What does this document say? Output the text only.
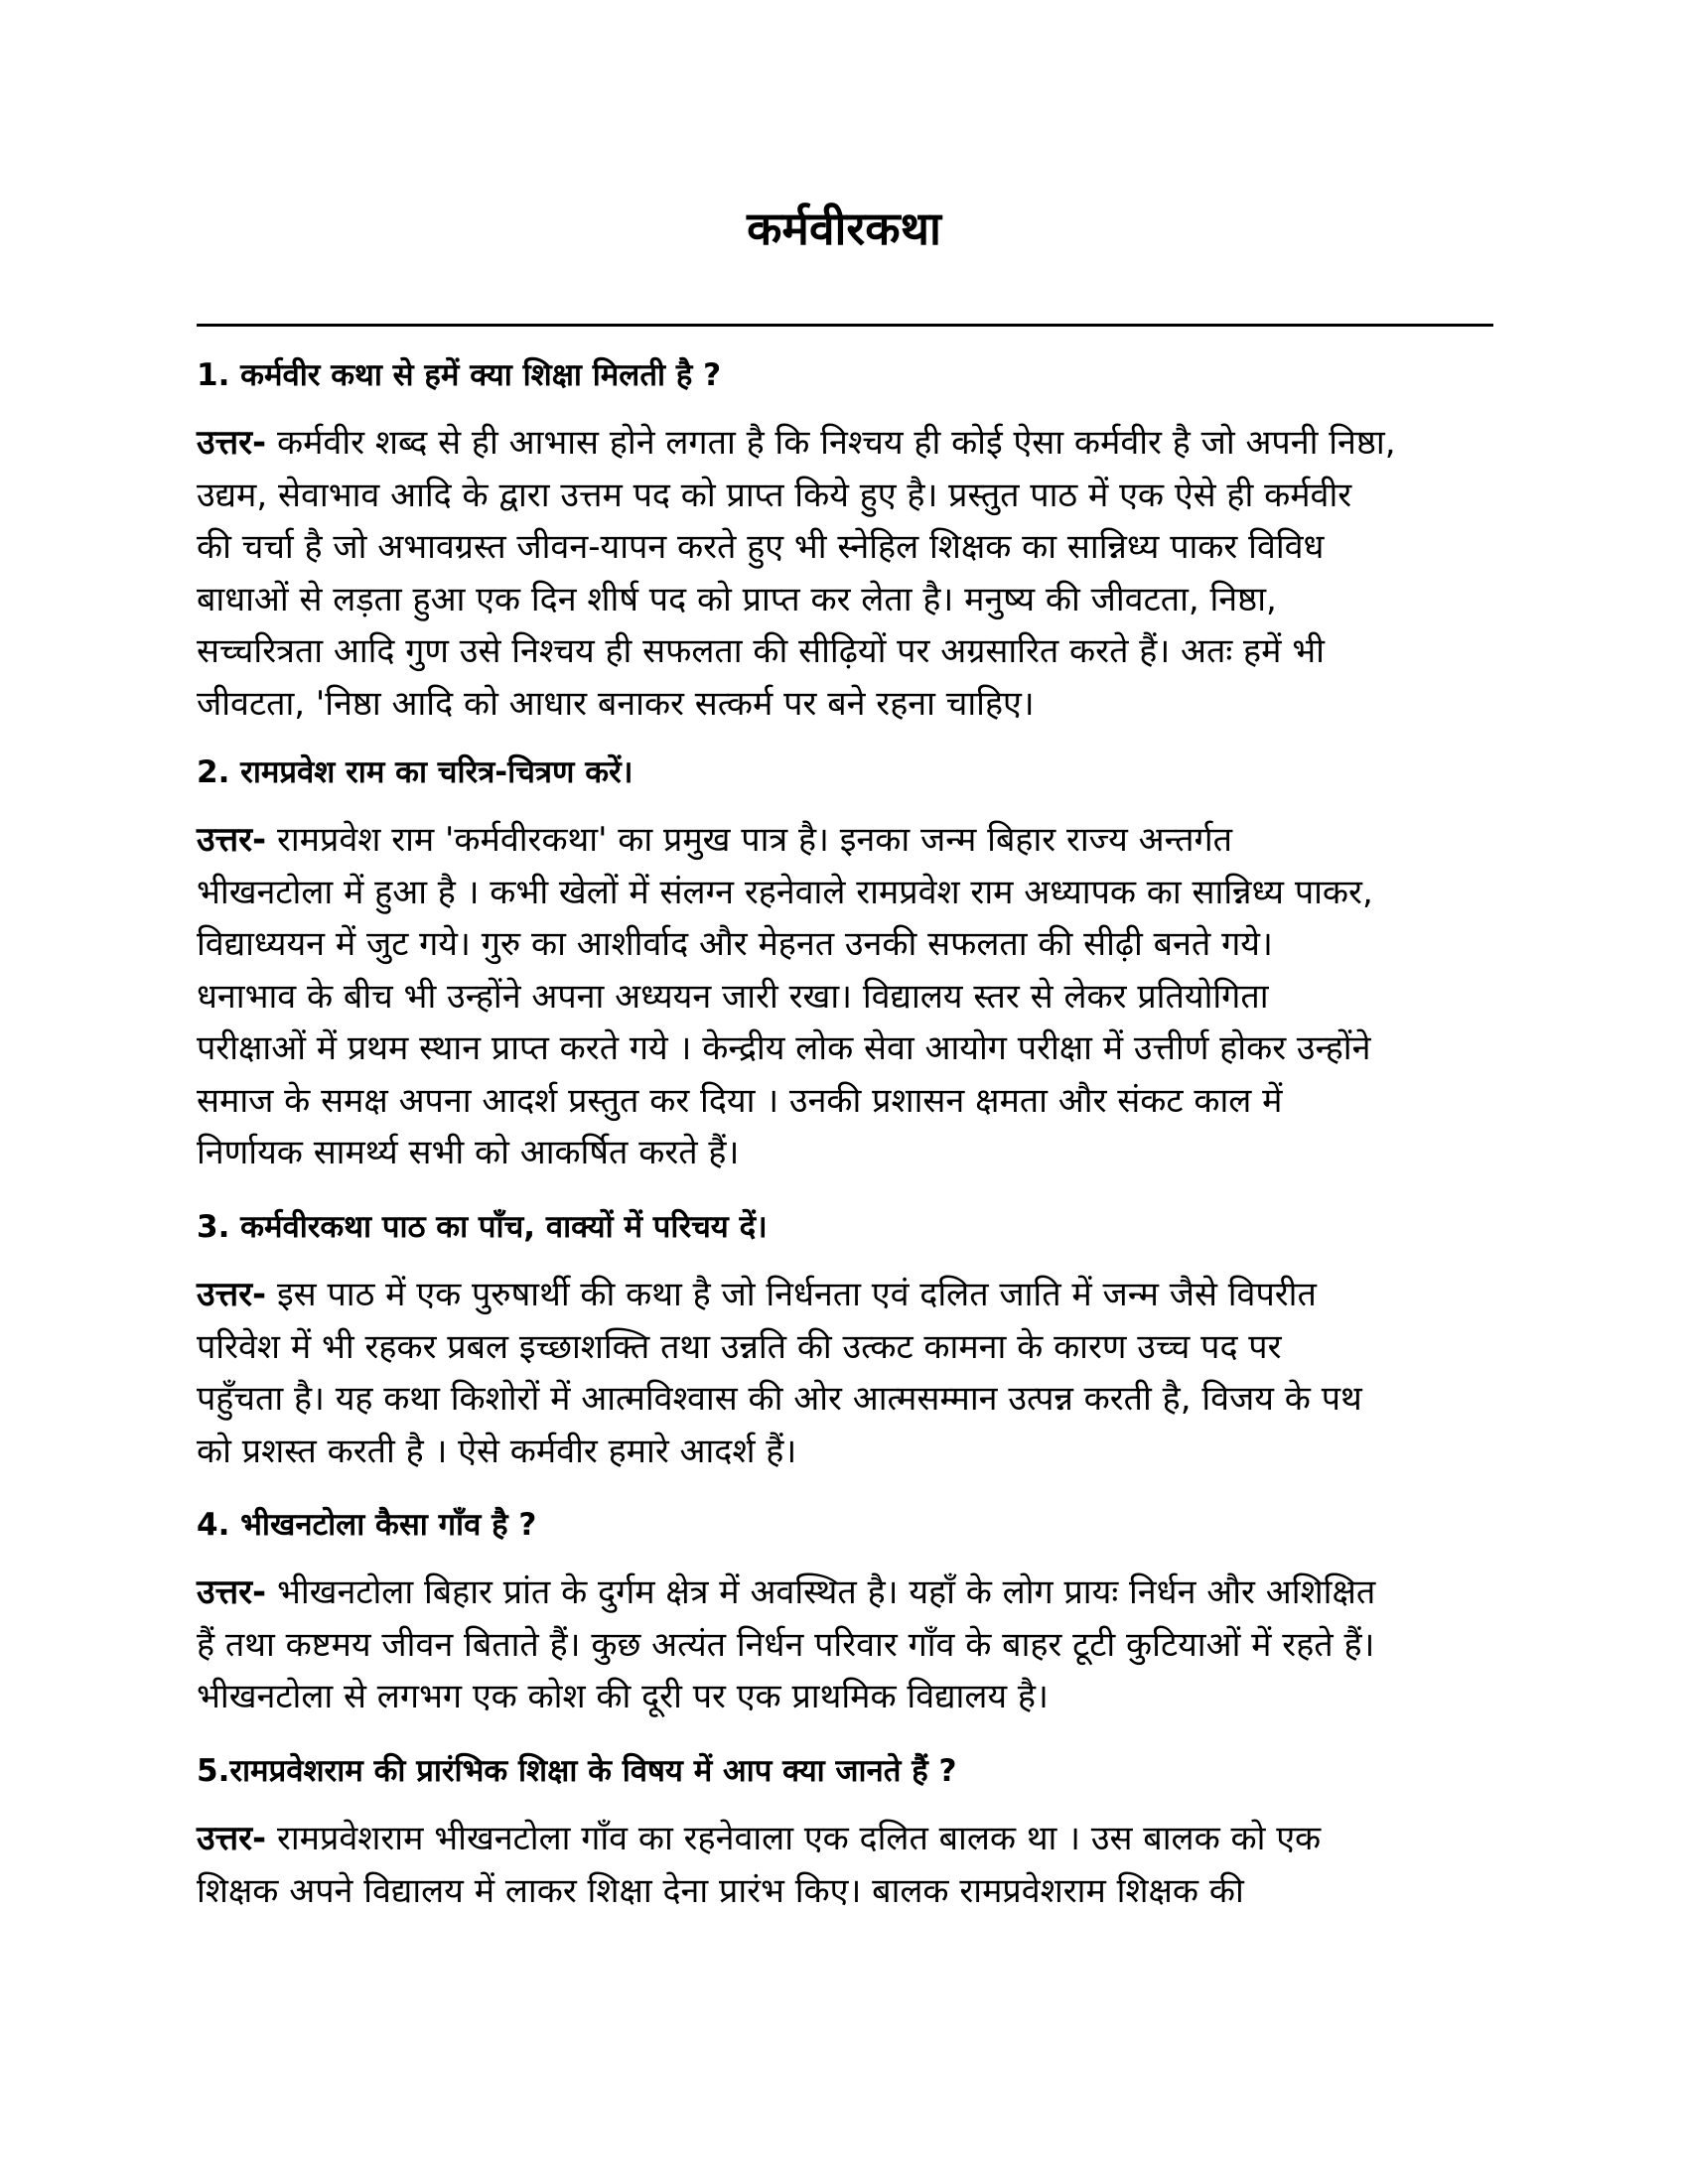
कर्मवीरकथा

1. कर्मवीर कथा से हमें क्या शिक्षा मिलती है ?

उत्तर- कर्मवीर शब्द से ही आभास होने लगता है कि निश्चय ही कोई ऐसा कर्मवीर है जो अपनी निष्ठा,
उद्यम, सेवाभाव आदि के द्वारा उत्तम पद को प्राप्त किये हुए है। प्रस्तुत पाठ में एक ऐसे ही कर्मवीर
की चर्चा है जो अभावग्रस्त जीवन-यापन करते हुए भी स्नेहिल शिक्षक का सान्निध्य पाकर विविध
बाधाओं से लड़ता हुआ एक दिन शीर्ष पद को प्राप्त कर लेता है। मनुष्य की जीवटता, निष्ठा,
सच्चरित्रता आदि गुण उसे निश्चय ही सफलता की सीढ़ियों पर अग्रसारित करते हैं। अतः हमें भी
जीवटता, 'निष्ठा आदि को आधार बनाकर सत्कर्म पर बने रहना चाहिए।

2. रामप्रवेश राम का चरित्र-चित्रण करें।

उत्तर- रामप्रवेश राम 'कर्मवीरकथा' का प्रमुख पात्र है। इनका जन्म बिहार राज्य अन्तर्गत
भीखनटोला में हुआ है । कभी खेलों में संलग्न रहनेवाले रामप्रवेश राम अध्यापक का सान्निध्य पाकर,
विद्याध्ययन में जुट गये। गुरु का आशीर्वाद और मेहनत उनकी सफलता की सीढ़ी बनते गये।
धनाभाव के बीच भी उन्होंने अपना अध्ययन जारी रखा। विद्यालय स्तर से लेकर प्रतियोगिता
परीक्षाओं में प्रथम स्थान प्राप्त करते गये । केन्द्रीय लोक सेवा आयोग परीक्षा में उत्तीर्ण होकर उन्होंने
समाज के समक्ष अपना आदर्श प्रस्तुत कर दिया । उनकी प्रशासन क्षमता और संकट काल में
निर्णायक सामर्थ्य सभी को आकर्षित करते हैं।

3. कर्मवीरकथा पाठ का पाँच, वाक्यों में परिचय दें।

उत्तर- इस पाठ में एक पुरुषार्थी की कथा है जो निर्धनता एवं दलित जाति में जन्म जैसे विपरीत
परिवेश में भी रहकर प्रबल इच्छाशक्ति तथा उन्नति की उत्कट कामना के कारण उच्च पद पर
पहुँचता है। यह कथा किशोरों में आत्मविश्वास की ओर आत्मसम्मान उत्पन्न करती है, विजय के पथ
को प्रशस्त करती है । ऐसे कर्मवीर हमारे आदर्श हैं।

4. भीखनटोला कैसा गाँव है ?

उत्तर- भीखनटोला बिहार प्रांत के दुर्गम क्षेत्र में अवस्थित है। यहाँ के लोग प्रायः निर्धन और अशिक्षित
हैं तथा कष्टमय जीवन बिताते हैं। कुछ अत्यंत निर्धन परिवार गाँव के बाहर टूटी कुटियाओं में रहते हैं।
भीखनटोला से लगभग एक कोश की दूरी पर एक प्राथमिक विद्यालय है।

5.रामप्रवेशराम की प्रारंभिक शिक्षा के विषय में आप क्या जानते हैं ?

उत्तर- रामप्रवेशराम भीखनटोला गाँव का रहनेवाला एक दलित बालक था । उस बालक को एक
शिक्षक अपने विद्यालय में लाकर शिक्षा देना प्रारंभ किए। बालक रामप्रवेशराम शिक्षक की
